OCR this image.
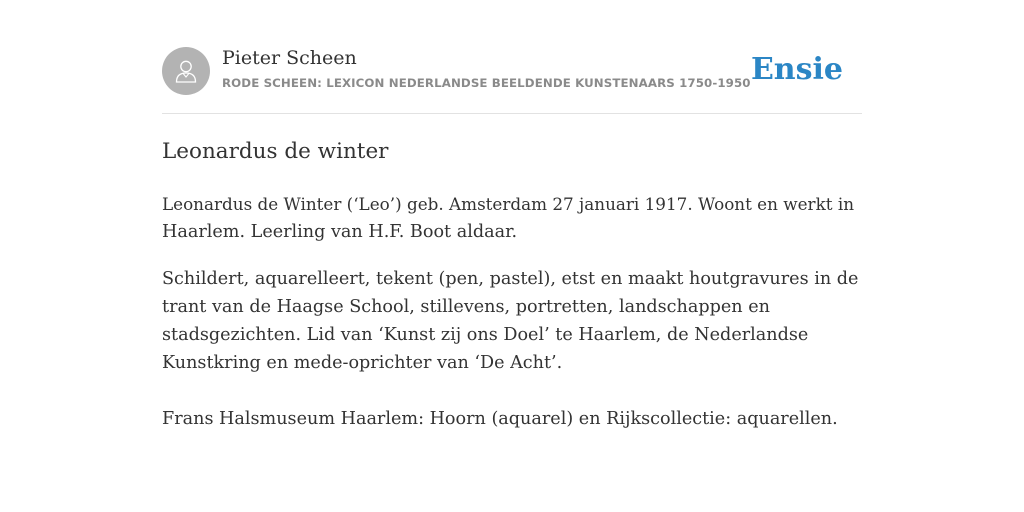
Pieter Scheen
RODE SCHEEN: LEXICON NEDERLANDSE BEELDENDE KUNSTENAARS 1750-1950 Ensie
Leonardus de winter
Leonardus de Winter (‘Leo’) geb. Amsterdam 27 januari 1917. Woont en werkt in
Haarlem. Leerling van H.F. Boot aldaar.
Schildert, aquarelleert, tekent (pen, pastel), etst en maakt houtgravures in de
trant van de Haagse School, stillevens, portretten, landschappen en
stadsgezichten. Lid van ‘Kunst zij ons Doel’ te Haarlem, de Nederlandse
Kunstkring en mede-oprichter van ‘De Acht’.
Frans Halsmuseum Haarlem: Hoorn (aquarel) en Rijkscollectie: aquarellen.
